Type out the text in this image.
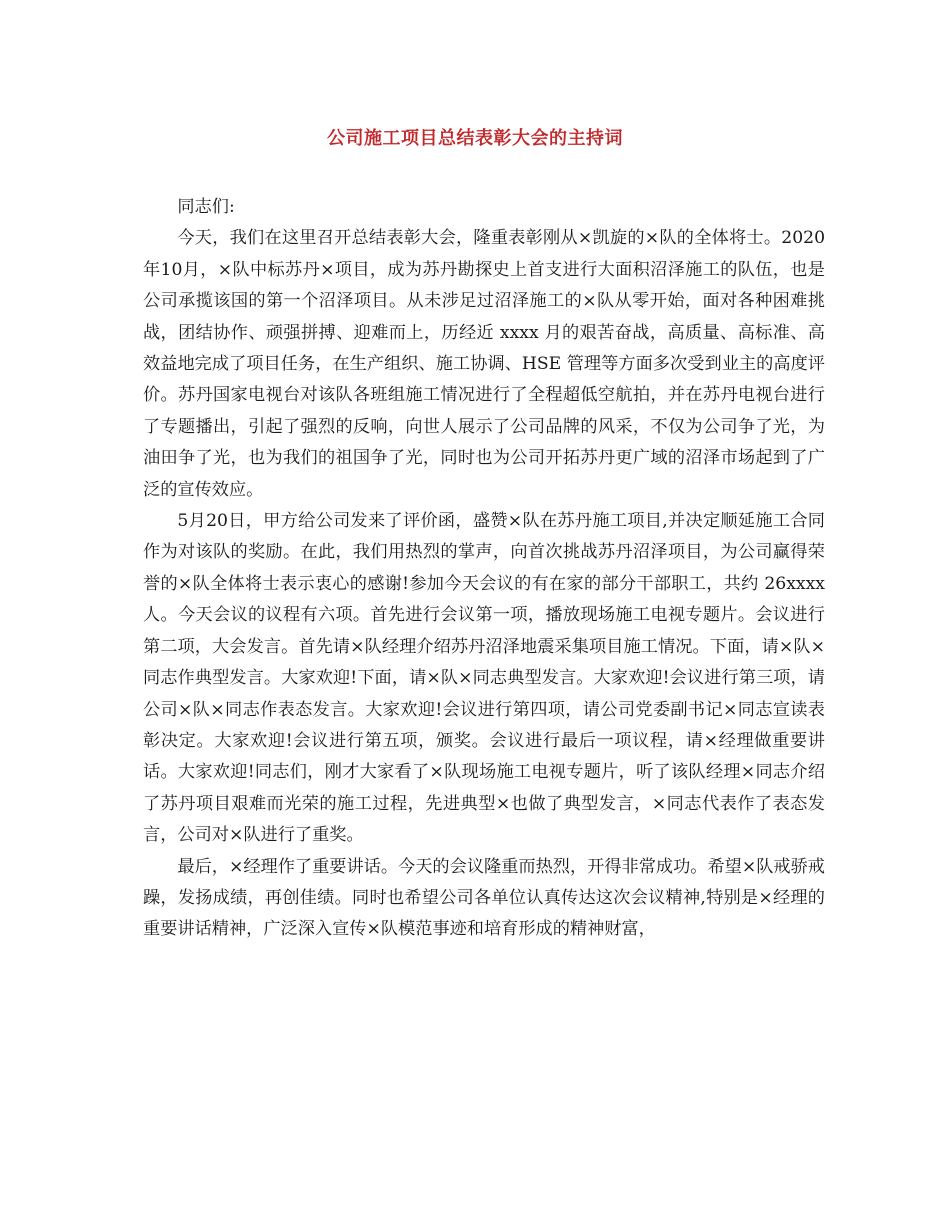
公司施工项目总结表彰大会的主持词

同志们:

今天，我们在这里召开总结表彰大会，隆重表彰刚从×凯旋的×队的全体将士。2020年10月，×队中标苏丹×项目，成为苏丹勘探史上首支进行大面积沼泽施工的队伍，也是公司承揽该国的第一个沼泽项目。从未涉足过沼泽施工的×队从零开始，面对各种困难挑战，团结协作、顽强拼搏、迎难而上，历经近 xxxx 月的艰苦奋战，高质量、高标准、高效益地完成了项目任务，在生产组织、施工协调、HSE 管理等方面多次受到业主的高度评价。苏丹国家电视台对该队各班组施工情况进行了全程超低空航拍，并在苏丹电视台进行了专题播出，引起了强烈的反响，向世人展示了公司品牌的风采，不仅为公司争了光，为油田争了光，也为我们的祖国争了光，同时也为公司开拓苏丹更广域的沼泽市场起到了广泛的宣传效应。

5月20日，甲方给公司发来了评价函，盛赞×队在苏丹施工项目,并决定顺延施工合同作为对该队的奖励。在此，我们用热烈的掌声，向首次挑战苏丹沼泽项目，为公司赢得荣誉的×队全体将士表示衷心的感谢!参加今天会议的有在家的部分干部职工，共约 26xxxx 人。今天会议的议程有六项。首先进行会议第一项，播放现场施工电视专题片。会议进行第二项，大会发言。首先请×队经理介绍苏丹沼泽地震采集项目施工情况。下面，请×队×同志作典型发言。大家欢迎!下面，请×队×同志典型发言。大家欢迎!会议进行第三项，请公司×队×同志作表态发言。大家欢迎!会议进行第四项，请公司党委副书记×同志宣读表彰决定。大家欢迎!会议进行第五项，颁奖。会议进行最后一项议程，请×经理做重要讲话。大家欢迎!同志们，刚才大家看了×队现场施工电视专题片，听了该队经理×同志介绍了苏丹项目艰难而光荣的施工过程，先进典型×也做了典型发言，×同志代表作了表态发言，公司对×队进行了重奖。

最后，×经理作了重要讲话。今天的会议隆重而热烈，开得非常成功。希望×队戒骄戒躁，发扬成绩，再创佳绩。同时也希望公司各单位认真传达这次会议精神,特别是×经理的重要讲话精神，广泛深入宣传×队模范事迹和培育形成的精神财富，
